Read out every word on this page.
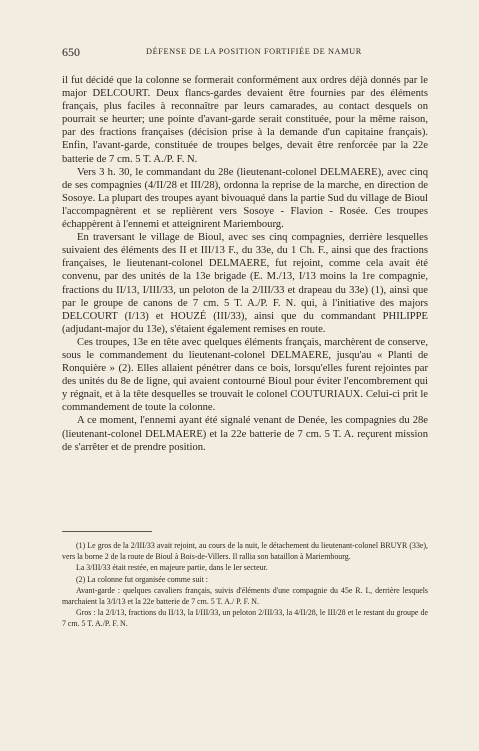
650	DÉFENSE DE LA POSITION FORTIFIÉE DE NAMUR

il fut décidé que la colonne se formerait conformément aux ordres déjà donnés par le major DELCOURT. Deux flancs-gardes devaient être fournies par des éléments français, plus faciles à reconnaître par leurs camarades, au contact desquels on pourrait se heurter; une pointe d'avant-garde serait constituée, pour la même raison, par des fractions françaises (décision prise à la demande d'un capitaine français). Enfin, l'avant-garde, constituée de troupes belges, devait être renforcée par la 22e batterie de 7 cm. 5 T. A./P. F. N.

Vers 3 h. 30, le commandant du 28e (lieutenant-colonel DELMAERE), avec cinq de ses compagnies (4/II/28 et III/28), ordonna la reprise de la marche, en direction de Sosoye. La plupart des troupes ayant bivouaqué dans la partie Sud du village de Bioul l'accompagnèrent et se replièrent vers Sosoye - Flavion - Rosée. Ces troupes échappèrent à l'ennemi et atteignirent Mariembourg.

En traversant le village de Bioul, avec ses cinq compagnies, derrière lesquelles suivaient des éléments des II et III/13 F., du 33e, du 1 Ch. F., ainsi que des fractions françaises, le lieutenant-colonel DELMAERE, fut rejoint, comme cela avait été convenu, par des unités de la 13e brigade (E. M./13, I/13 moins la 1re compagnie, fractions du II/13, I/III/33, un peloton de la 2/III/33 et drapeau du 33e) (1), ainsi que par le groupe de canons de 7 cm. 5 T. A./P. F. N. qui, à l'initiative des majors DELCOURT (I/13) et HOUZÉ (III/33), ainsi que du commandant PHILIPPE (adjudant-major du 13e), s'étaient également remises en route.

Ces troupes, 13e en tête avec quelques éléments français, marchèrent de conserve, sous le commandement du lieutenant-colonel DELMAERE, jusqu'au « Planti de Ronquière » (2). Elles allaient pénétrer dans ce bois, lorsqu'elles furent rejointes par des unités du 8e de ligne, qui avaient contourné Bioul pour éviter l'encombrement qui y régnait, et à la tête desquelles se trouvait le colonel COUTURIAUX. Celui-ci prit le commandement de toute la colonne.

A ce moment, l'ennemi ayant été signalé venant de Denée, les compagnies du 28e (lieutenant-colonel DELMAERE) et la 22e batterie de 7 cm. 5 T. A. reçurent mission de s'arrêter et de prendre position.

(1) Le gros de la 2/III/33 avait rejoint, au cours de la nuit, le détachement du lieutenant-colonel BRUYR (33e), vers la borne 2 de la route de Bioul à Bois-de-Villers. Il rallia son bataillon à Mariembourg.

La 3/III/33 était restée, en majeure partie, dans le Ier secteur.

(2) La colonne fut organisée comme suit :

Avant-garde : quelques cavaliers français, suivis d'éléments d'une compagnie du 45e R. I., derrière lesquels marchaient la 3/I/13 et la 22e batterie de 7 cm. 5 T. A./ P. F. N.

Gros : la 2/I/13, fractions du II/13, la I/III/33, un peloton 2/III/33, la 4/II/28, le III/28 et le restant du groupe de 7 cm. 5 T. A./P. F. N.
